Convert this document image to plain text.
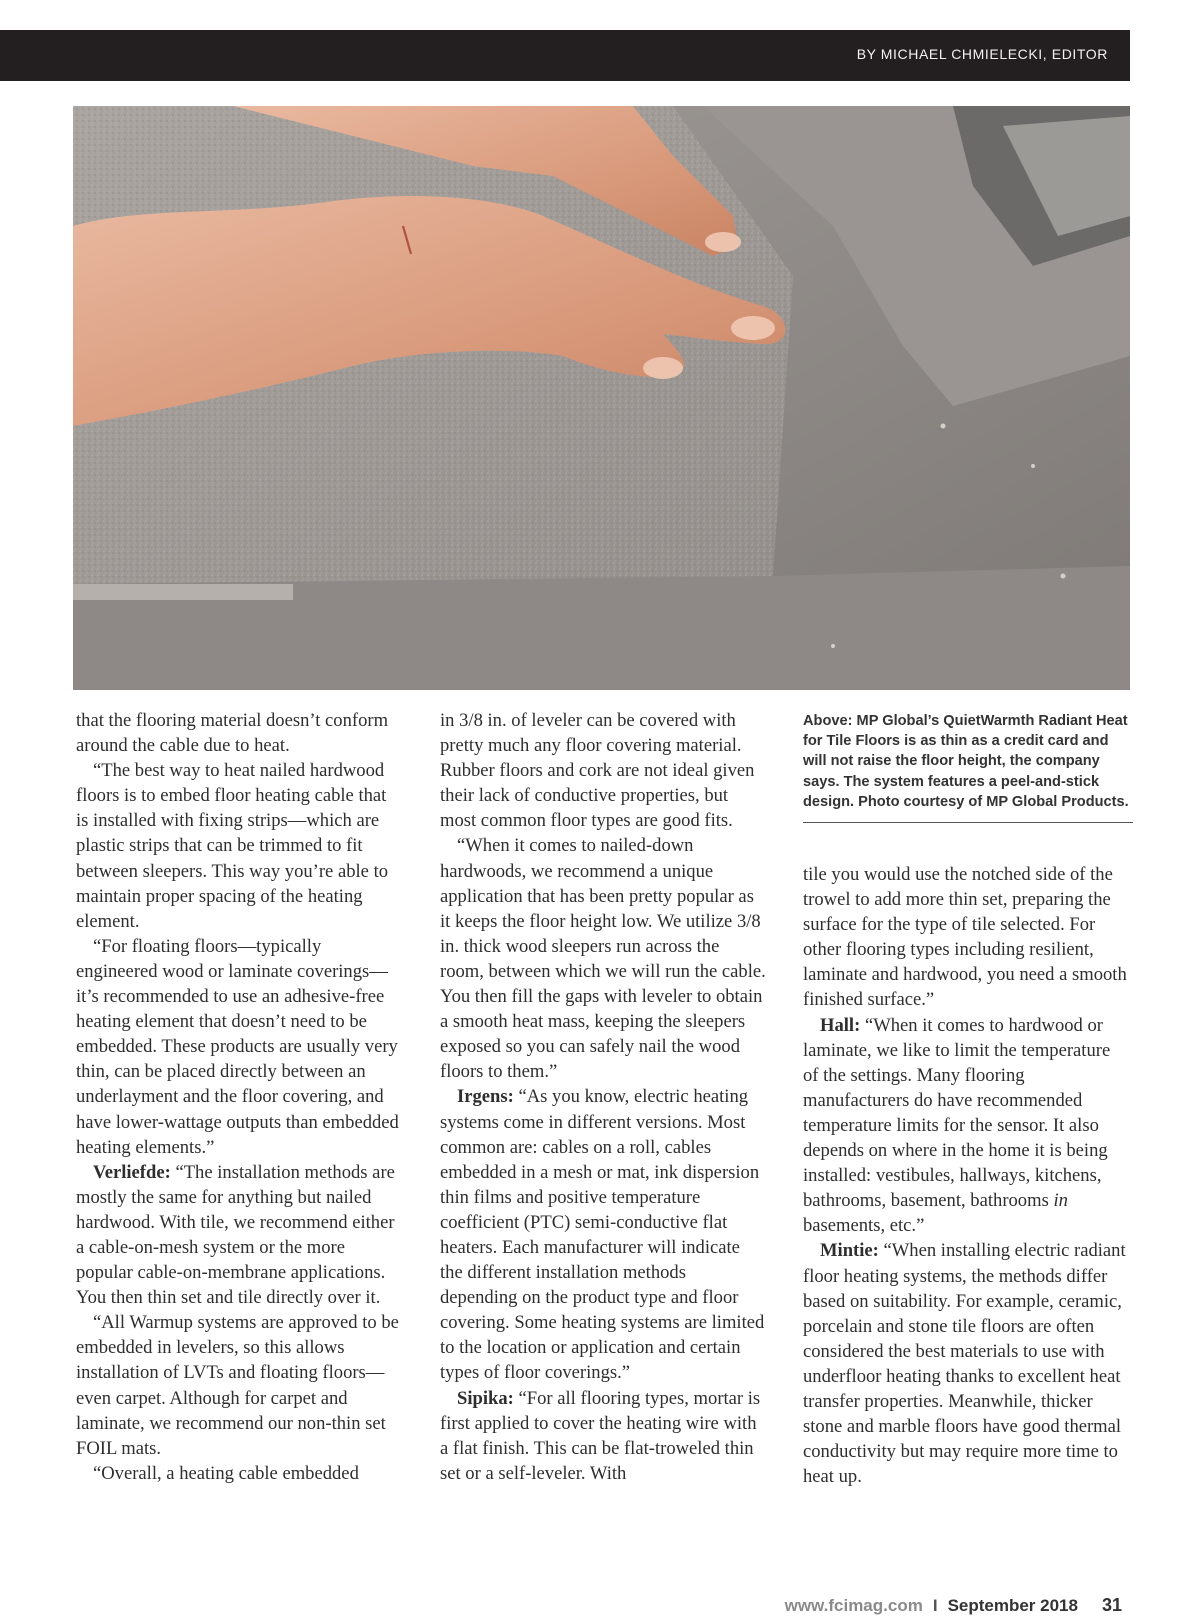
BY MICHAEL CHMIELECKI, EDITOR

that the flooring material doesn’t conform around the cable due to heat.

“The best way to heat nailed hardwood floors is to embed floor heating cable that is installed with fixing strips—which are plastic strips that can be trimmed to fit between sleepers. This way you’re able to maintain proper spacing of the heating element.

“For floating floors—typically engineered wood or laminate coverings—it’s recommended to use an adhesive-free heating element that doesn’t need to be embedded. These products are usually very thin, can be placed directly between an underlayment and the floor covering, and have lower-wattage outputs than embedded heating elements.”

Verliefde: “The installation methods are mostly the same for anything but nailed hardwood. With tile, we recommend either a cable-on-mesh system or the more popular cable-on-membrane applications. You then thin set and tile directly over it.

“All Warmup systems are approved to be embedded in levelers, so this allows installation of LVTs and floating floors—even carpet. Although for carpet and laminate, we recommend our non-thin set FOIL mats.

“Overall, a heating cable embedded

in 3/8 in. of leveler can be covered with pretty much any floor covering material. Rubber floors and cork are not ideal given their lack of conductive properties, but most common floor types are good fits.

“When it comes to nailed-down hardwoods, we recommend a unique application that has been pretty popular as it keeps the floor height low. We utilize 3/8 in. thick wood sleepers run across the room, between which we will run the cable. You then fill the gaps with leveler to obtain a smooth heat mass, keeping the sleepers exposed so you can safely nail the wood floors to them.”

Irgens: “As you know, electric heating systems come in different versions. Most common are: cables on a roll, cables embedded in a mesh or mat, ink dispersion thin films and positive temperature coefficient (PTC) semi-conductive flat heaters. Each manufacturer will indicate the different installation methods depending on the product type and floor covering. Some heating systems are limited to the location or application and certain types of floor coverings.”

Sipika: “For all flooring types, mortar is first applied to cover the heating wire with a flat finish. This can be flat-troweled thin set or a self-leveler. With

Above: MP Global’s QuietWarmth Radiant Heat for Tile Floors is as thin as a credit card and will not raise the floor height, the company says. The system features a peel-and-stick design. Photo courtesy of MP Global Products.

tile you would use the notched side of the trowel to add more thin set, preparing the surface for the type of tile selected. For other flooring types including resilient, laminate and hardwood, you need a smooth finished surface.”

Hall: “When it comes to hardwood or laminate, we like to limit the temperature of the settings. Many flooring manufacturers do have recommended temperature limits for the sensor. It also depends on where in the home it is being installed: vestibules, hallways, kitchens, bathrooms, basement, bathrooms in basements, etc.”

Mintie: “When installing electric radiant floor heating systems, the methods differ based on suitability. For example, ceramic, porcelain and stone tile floors are often considered the best materials to use with underfloor heating thanks to excellent heat transfer properties. Meanwhile, thicker stone and marble floors have good thermal conductivity but may require more time to heat up.

www.fcimag.com I September 2018 31
